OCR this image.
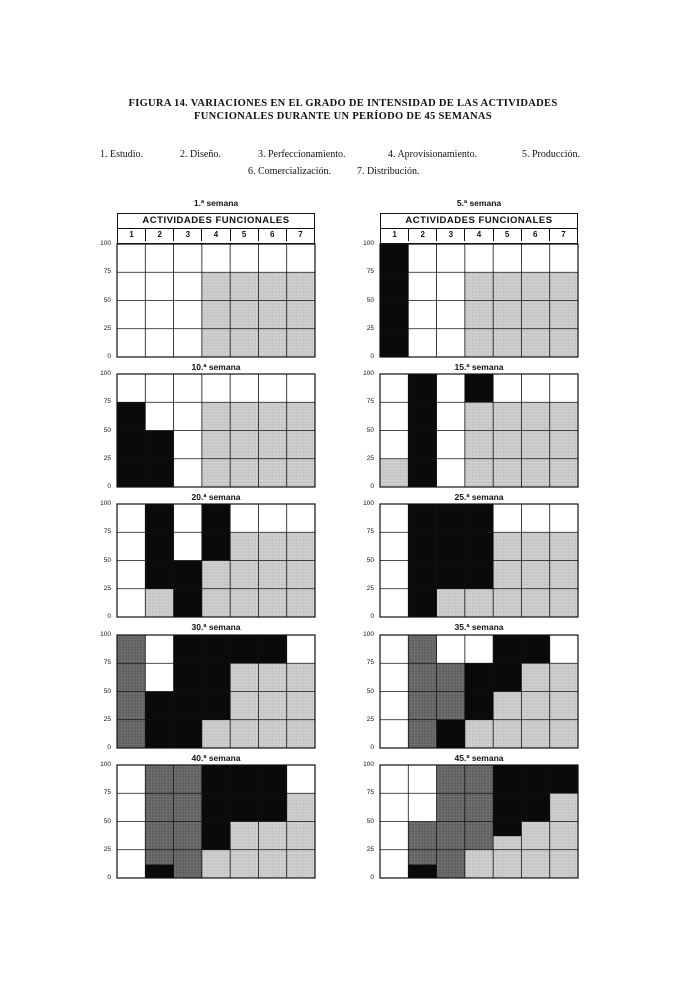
FIGURA 14. VARIACIONES EN EL GRADO DE INTENSIDAD DE LAS ACTIVIDADES
FUNCIONALES DURANTE UN PERÍODO DE 45 SEMANAS
1. Estudio.	2. Diseño.	3. Perfeccionamiento.	4. Aprovisionamiento.	5. Producción.
6. Comercialización.	7. Distribución.
ACTIVIDADES FUNCIONALES
1	2	3	4	5	6	7
ACTIVIDADES FUNCIONALES
1	2	3	4	5	6	7
1.ª semana
0
25
50
75
100
5.ª semana
0
25
50
75
100
10.ª semana
0
25
50
75
100
15.ª semana
0
25
50
75
100
20.ª semana
0
25
50
75
100
25.ª semana
0
25
50
75
100
30.ª semana
0
25
50
75
100
35.ª semana
0
25
50
75
100
40.ª semana
0
25
50
75
100
45.ª semana
0
25
50
75
100
